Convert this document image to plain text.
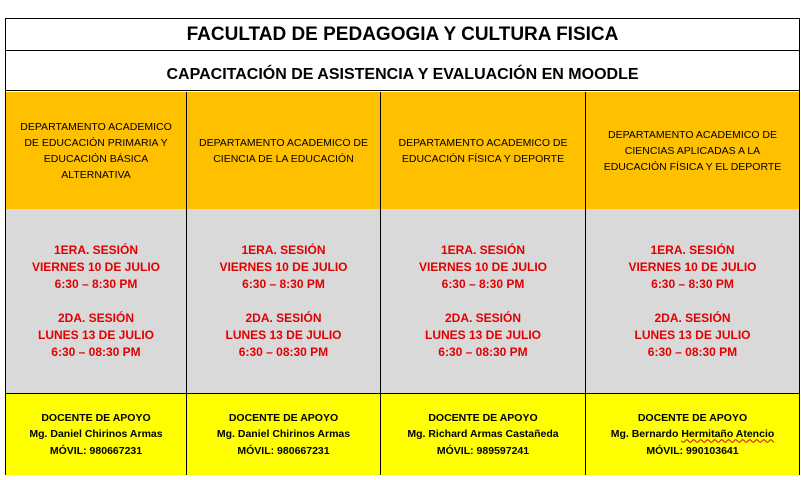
FACULTAD DE PEDAGOGIA Y CULTURA FISICA
CAPACITACIÓN DE ASISTENCIA Y EVALUACIÓN EN MOODLE
DEPARTAMENTO ACADEMICO
DE EDUCACIÓN PRIMARIA Y
EDUCACIÓN BÁSICA
ALTERNATIVA
DEPARTAMENTO ACADEMICO DE
CIENCIA DE LA EDUCACIÓN
DEPARTAMENTO ACADEMICO DE
EDUCACIÓN FÍSICA Y DEPORTE
DEPARTAMENTO ACADEMICO DE
CIENCIAS APLICADAS A LA
EDUCACIÓN FÍSICA Y EL DEPORTE
1ERA. SESIÓN
VIERNES 10 DE JULIO
6:30 – 8:30 PM
2DA. SESIÓN
LUNES 13 DE JULIO
6:30 – 08:30 PM
1ERA. SESIÓN
VIERNES 10 DE JULIO
6:30 – 8:30 PM
2DA. SESIÓN
LUNES 13 DE JULIO
6:30 – 08:30 PM
1ERA. SESIÓN
VIERNES 10 DE JULIO
6:30 – 8:30 PM
2DA. SESIÓN
LUNES 13 DE JULIO
6:30 – 08:30 PM
1ERA. SESIÓN
VIERNES 10 DE JULIO
6:30 – 8:30 PM
2DA. SESIÓN
LUNES 13 DE JULIO
6:30 – 08:30 PM
DOCENTE DE APOYO
Mg. Daniel Chirinos Armas
MÓVIL: 980667231
DOCENTE DE APOYO
Mg. Daniel Chirinos Armas
MÓVIL: 980667231
DOCENTE DE APOYO
Mg. Richard Armas Castañeda
MÓVIL: 989597241
DOCENTE DE APOYO
Mg. Bernardo Hermitaño Atencio
MÓVIL: 990103641
